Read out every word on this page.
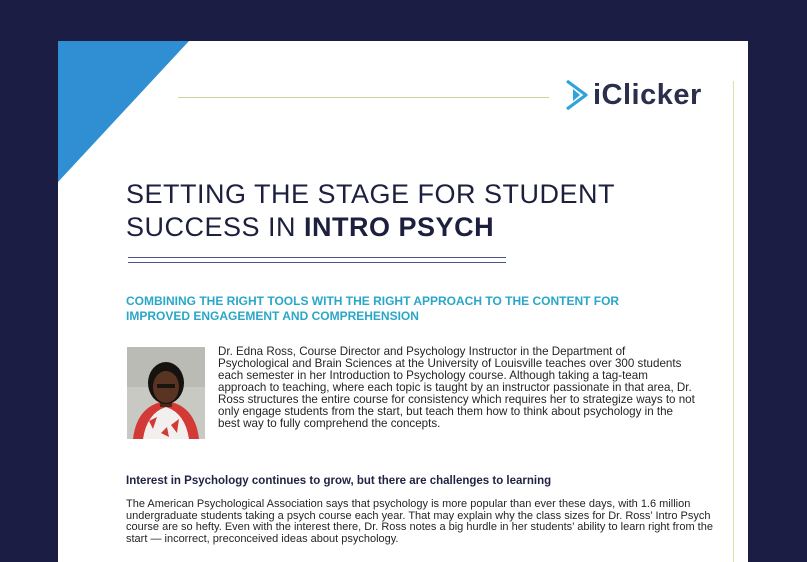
iClicker
SETTING THE STAGE FOR STUDENT
SUCCESS IN INTRO PSYCH
COMBINING THE RIGHT TOOLS WITH THE RIGHT APPROACH TO THE CONTENT FOR IMPROVED ENGAGEMENT AND COMPREHENSION
Dr. Edna Ross, Course Director and Psychology Instructor in the Department of Psychological and Brain Sciences at the University of Louisville teaches over 300 students each semester in her Introduction to Psychology course. Although taking a tag-team approach to teaching, where each topic is taught by an instructor passionate in that area, Dr. Ross structures the entire course for consistency which requires her to strategize ways to not only engage students from the start, but teach them how to think about psychology in the best way to fully comprehend the concepts.
Interest in Psychology continues to grow, but there are challenges to learning
The American Psychological Association says that psychology is more popular than ever these days, with 1.6 million undergraduate students taking a psych course each year. That may explain why the class sizes for Dr. Ross’ Intro Psych course are so hefty. Even with the interest there, Dr. Ross notes a big hurdle in her students’ ability to learn right from the start — incorrect, preconceived ideas about psychology.
